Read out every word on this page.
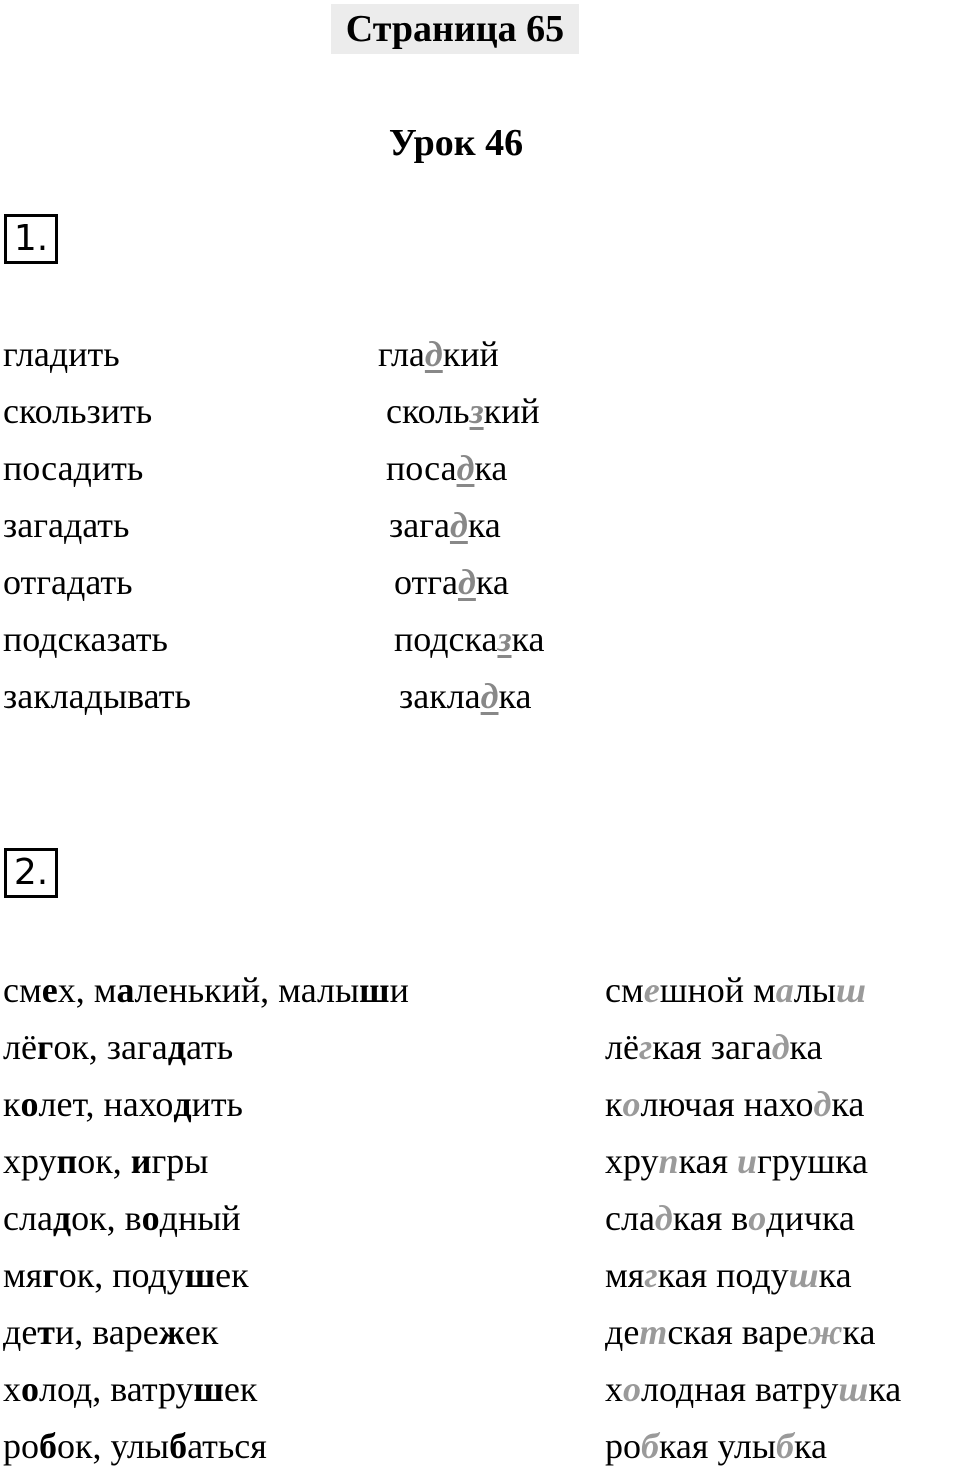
Страница 65
Урок 46
1.
гладить	гладкий
скользить	скользкий
посадить	посадка
загадать	загадка
отгадать	отгадка
подсказать	подсказка
закладывать	закладка
2.
смех, маленький, малыши	смешной малыш
лёгок, загадать	лёгкая загадка
колет, находить	колючая находка
хрупок, игры	хрупкая игрушка
сладок, водный	сладкая водичка
мягок, подушек	мягкая подушка
дети, варежек	детская варежка
холод, ватрушек	холодная ватрушка
робок, улыбаться	робкая улыбка
